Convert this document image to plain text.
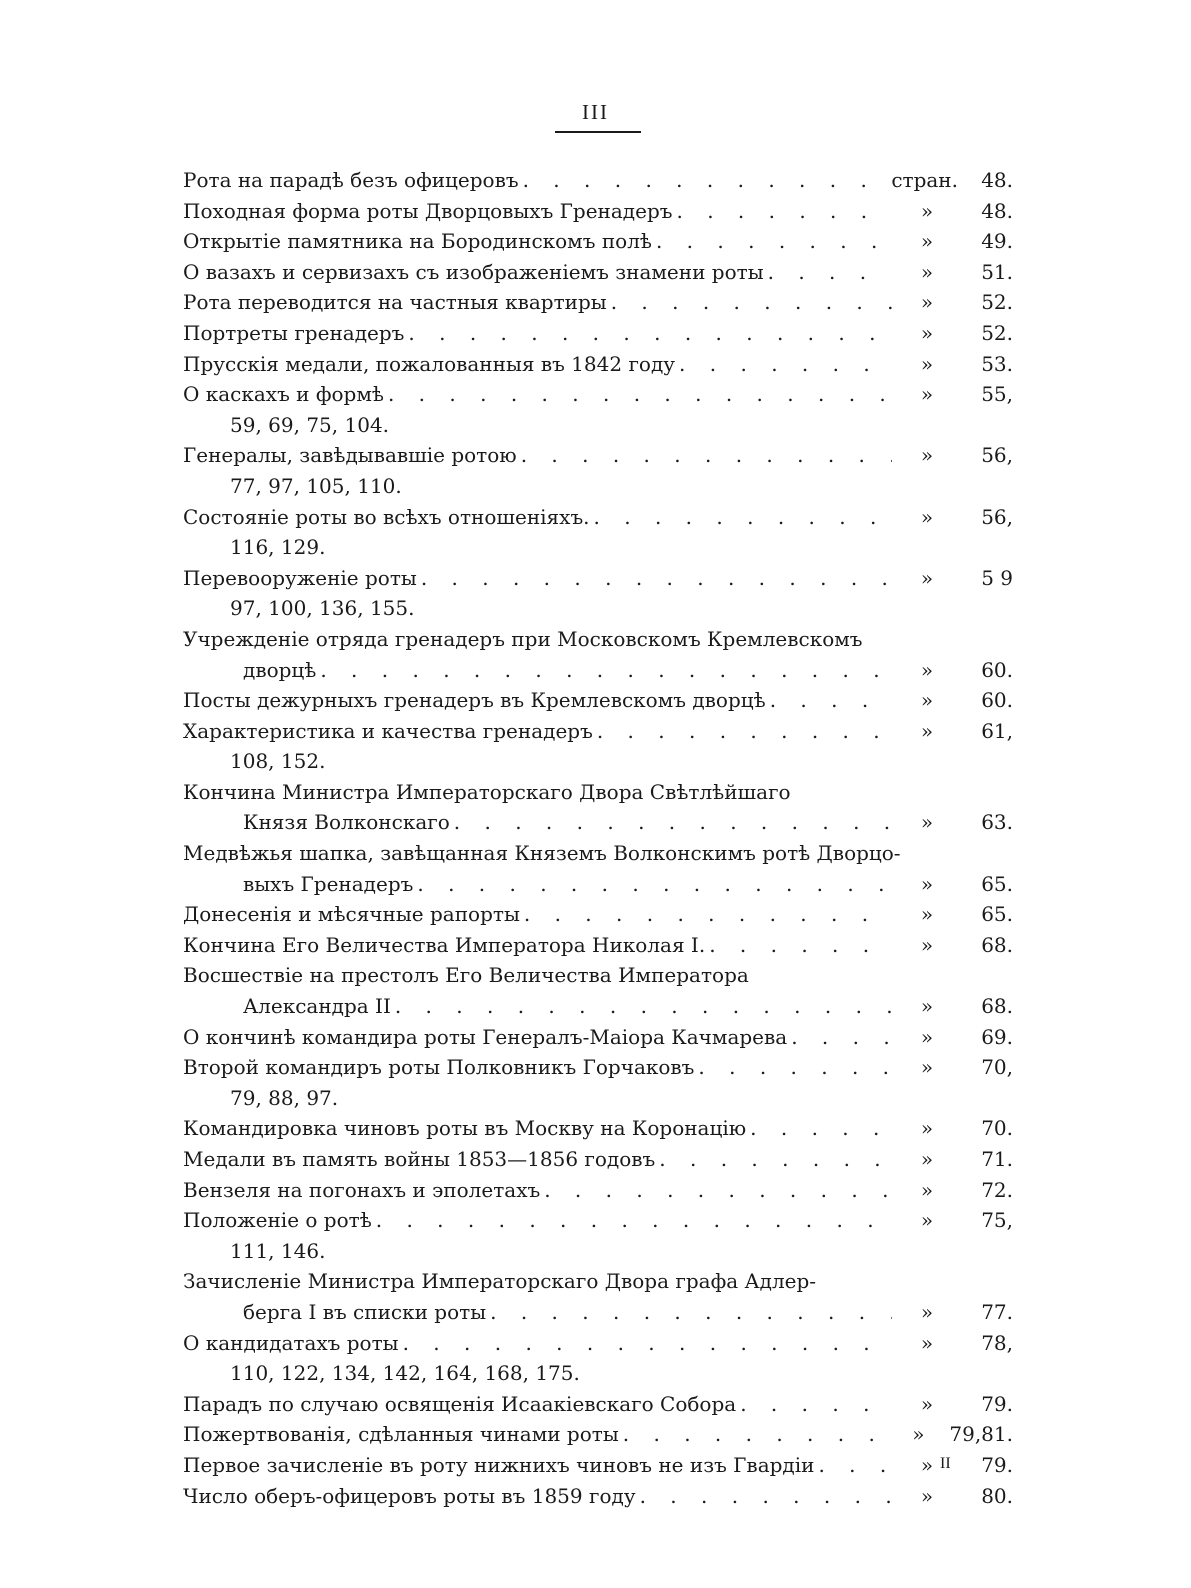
III
Рота на парадѣ безъ офицеровъ . . .	стран.	48.
Походная форма роты Дворцовыхъ Гренадеръ . . .	»	48.
Открытіе памятника на Бородинскомъ полѣ . . .	»	49.
О вазахъ и сервизахъ съ изображеніемъ знамени роты . . .	»	51.
Рота переводится на частныя квартиры . . .	»	52.
Портреты гренадеръ . . .	»	52.
Прусскія медали, пожалованныя въ 1842 году . . .	»	53.
О каскахъ и формѣ . . .	»	55,
59, 69, 75, 104.
Генералы, завѣдывавшіе ротою . . .	»	56,
77, 97, 105, 110.
Состояніе роты во всѣхъ отношеніяхъ. . . .	»	56,
116, 129.
Перевооруженіе роты . . .	»	5 9
97, 100, 136, 155.
Учрежденіе отряда гренадеръ при Московскомъ Кремлевскомъ
дворцѣ . . .	»	60.
Посты дежурныхъ гренадеръ въ Кремлевскомъ дворцѣ . . .	»	60.
Характеристика и качества гренадеръ . . .	»	61,
108, 152.
Кончина Министра Императорскаго Двора Свѣтлѣйшаго
Князя Волконскаго . . .	»	63.
Медвѣжья шапка, завѣщанная Княземъ Волконскимъ ротѣ Дворцо-
выхъ Гренадеръ . . .	»	65.
Донесенія и мѣсячные рапорты . . .	»	65.
Кончина Его Величества Императора Николая I. . . .	»	68.
Восшествіе на престолъ Его Величества Императора
Александра II . . .	»	68.
О кончинѣ командира роты Генералъ-Маіора Качмарева . . .	»	69.
Второй командиръ роты Полковникъ Горчаковъ . . .	»	70,
79, 88, 97.
Командировка чиновъ роты въ Москву на Коронацію . . .	»	70.
Медали въ память войны 1853—1856 годовъ . . .	»	71.
Вензеля на погонахъ и эполетахъ . . .	»	72.
Положеніе о ротѣ . . .	»	75,
111, 146.
Зачисленіе Министра Императорскаго Двора графа Адлер-
берга I въ списки роты . . .	»	77.
О кандидатахъ роты . . .	»	78,
110, 122, 134, 142, 164, 168, 175.
Парадъ по случаю освященія Исаакіевскаго Собора . . .	»	79.
Пожертвованія, сдѣланныя чинами роты . . .	»	79,81.
Первое зачисленіе въ роту нижнихъ чиновъ не изъ Гвардіи . . .	»	79.
Число оберъ-офицеровъ роты въ 1859 году . . .	»	80.
II
